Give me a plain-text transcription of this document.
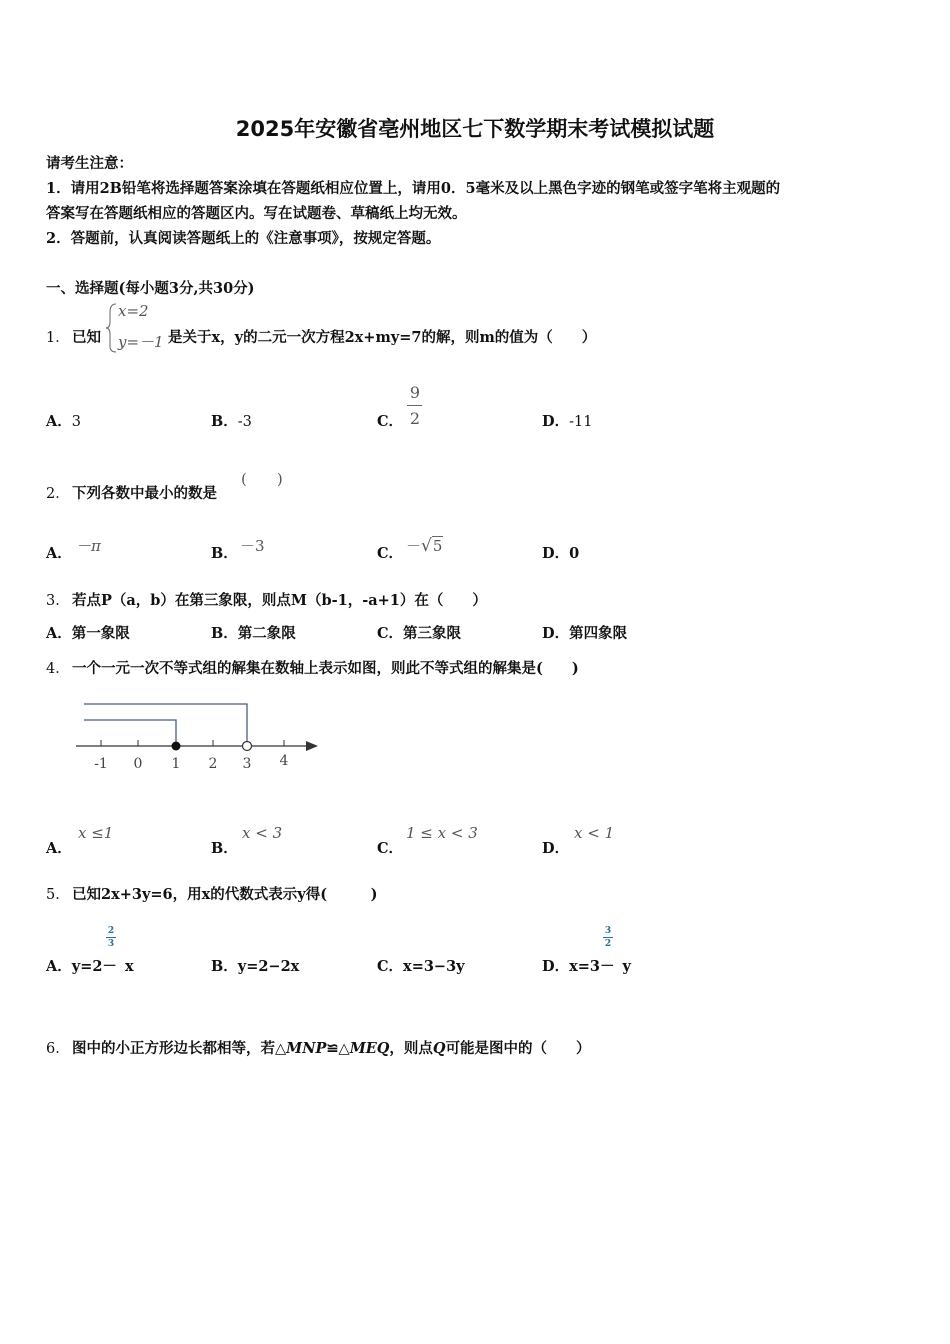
2025年安徽省亳州地区七下数学期末考试模拟试题
请考生注意：
1．请用2B铅笔将选择题答案涂填在答题纸相应位置上，请用0．5毫米及以上黑色字迹的钢笔或签字笔将主观题的
答案写在答题纸相应的答题区内。写在试题卷、草稿纸上均无效。
2．答题前，认真阅读答题纸上的《注意事项》，按规定答题。
一、选择题(每小题3分,共30分)
1． 已知
x=2
y=－1 是关于x，y的二元一次方程2x+my=7的解，则m的值为（　　）
A．3	B．-3	C．
9
2	D．-11
2． 下列各数中最小的数是
(　　)
A． －π	B． －3	C． －√5	D．0
3． 若点P（a，b）在第三象限，则点M（b-1，-a+1）在（　　）
A．第一象限	B．第二象限	C．第三象限	D．第四象限
4． 一个一元一次不等式组的解集在数轴上表示如图，则此不等式组的解集是(　　)
-1 0 1 2 3 4
A．
x ≤1
B．
x < 3
C．
1 ≤ x < 3
D．
x < 1
5． 已知2x+3y=6，用x的代数式表示y得(　　　)
A．y=2－ x
2
3
B．y=2−2x	C．x=3−3y	D．x=3－ y
3
2
6． 图中的小正方形边长都相等，若△MNP≌△MEQ，则点Q可能是图中的（　　）
